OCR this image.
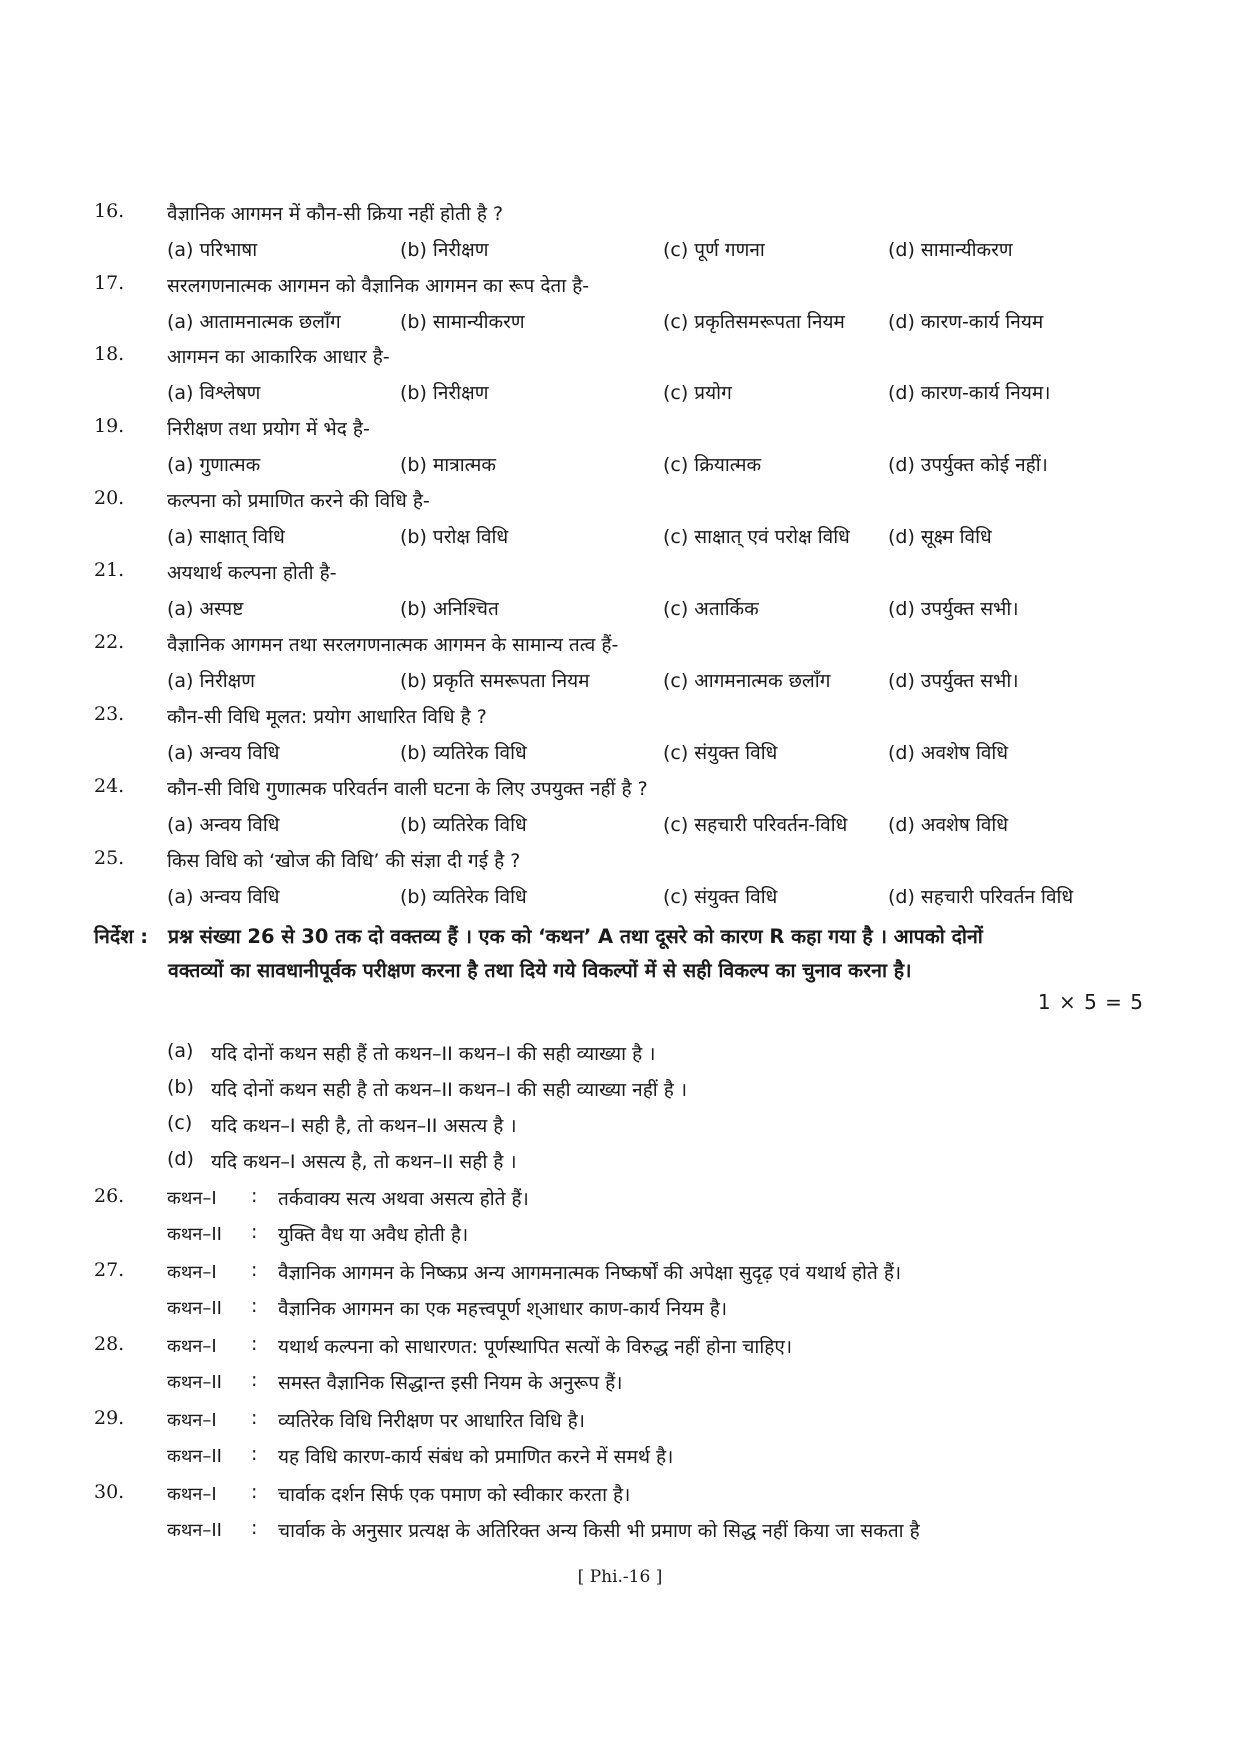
16. वैज्ञानिक आगमन में कौन-सी क्रिया नहीं होती है ?
(a) परिभाषा	(b) निरीक्षण	(c) पूर्ण गणना	(d) सामान्यीकरण
17. सरलगणनात्मक आगमन को वैज्ञानिक आगमन का रूप देता है-
(a) आतामनात्मक छलाँग	(b) सामान्यीकरण	(c) प्रकृतिसमरूपता नियम (d) कारण-कार्य नियम
18. आगमन का आकारिक आधार है-
(a) विश्लेषण	(b) निरीक्षण	(c) प्रयोग	(d) कारण-कार्य नियम।
19. निरीक्षण तथा प्रयोग में भेद है-
(a) गुणात्मक	(b) मात्रात्मक	(c) क्रियात्मक	(d) उपर्युक्त कोई नहीं।
20. कल्पना को प्रमाणित करने की विधि है-
(a) साक्षात् विधि	(b) परोक्ष विधि	(c) साक्षात् एवं परोक्ष विधि (d) सूक्ष्म विधि
21. अयथार्थ कल्पना होती है-
(a) अस्पष्ट	(b) अनिश्चित	(c) अतार्किक	(d) उपर्युक्त सभी।
22. वैज्ञानिक आगमन तथा सरलगणनात्मक आगमन के सामान्य तत्व हैं-
(a) निरीक्षण	(b) प्रकृति समरूपता नियम	(c) आगमनात्मक छलाँग	(d) उपर्युक्त सभी।
23. कौन-सी विधि मूलत: प्रयोग आधारित विधि है ?
(a) अन्वय विधि	(b) व्यतिरेक विधि	(c) संयुक्त विधि	(d) अवशेष विधि
24. कौन-सी विधि गुणात्मक परिवर्तन वाली घटना के लिए उपयुक्त नहीं है ?
(a) अन्वय विधि	(b) व्यतिरेक विधि	(c) सहचारी परिवर्तन-विधि (d) अवशेष विधि
25. किस विधि को ‘खोज की विधि’ की संज्ञा दी गई है ?
(a) अन्वय विधि	(b) व्यतिरेक विधि	(c) संयुक्त विधि	(d) सहचारी परिवर्तन विधि
निर्देश : प्रश्न संख्या 26 से 30 तक दो वक्तव्य हैं । एक को ‘कथन’ A तथा दूसरे को कारण R कहा गया है । आपको दोनों
वक्तव्यों का सावधानीपूर्वक परीक्षण करना है तथा दिये गये विकल्पों में से सही विकल्प का चुनाव करना है।
1 × 5 = 5
(a) यदि दोनों कथन सही हैं तो कथन–II कथन–I की सही व्याख्या है ।
(b) यदि दोनों कथन सही है तो कथन–II कथन–I की सही व्याख्या नहीं है ।
(c) यदि कथन–I सही है, तो कथन–II असत्य है ।
(d) यदि कथन–I असत्य है, तो कथन–II सही है ।
26. कथन–I : तर्कवाक्य सत्य अथवा असत्य होते हैं।
कथन–II : युक्ति वैध या अवैध होती है।
27. कथन–I : वैज्ञानिक आगमन के निष्कप्र अन्य आगमनात्मक निष्कर्षों की अपेक्षा सुदृढ़ एवं यथार्थ होते हैं।
कथन–II : वैज्ञानिक आगमन का एक महत्त्वपूर्ण श्आधार काण-कार्य नियम है।
28. कथन–I : यथार्थ कल्पना को साधारणत: पूर्णस्थापित सत्यों के विरुद्ध नहीं होना चाहिए।
कथन–II : समस्त वैज्ञानिक सिद्धान्त इसी नियम के अनुरूप हैं।
29. कथन–I : व्यतिरेक विधि निरीक्षण पर आधारित विधि है।
कथन–II : यह विधि कारण-कार्य संबंध को प्रमाणित करने में समर्थ है।
30. कथन–I : चार्वाक दर्शन सिर्फ एक पमाण को स्वीकार करता है।
कथन–II : चार्वाक के अनुसार प्रत्यक्ष के अतिरिक्त अन्य किसी भी प्रमाण को सिद्ध नहीं किया जा सकता है
[ Phi.-16 ]
